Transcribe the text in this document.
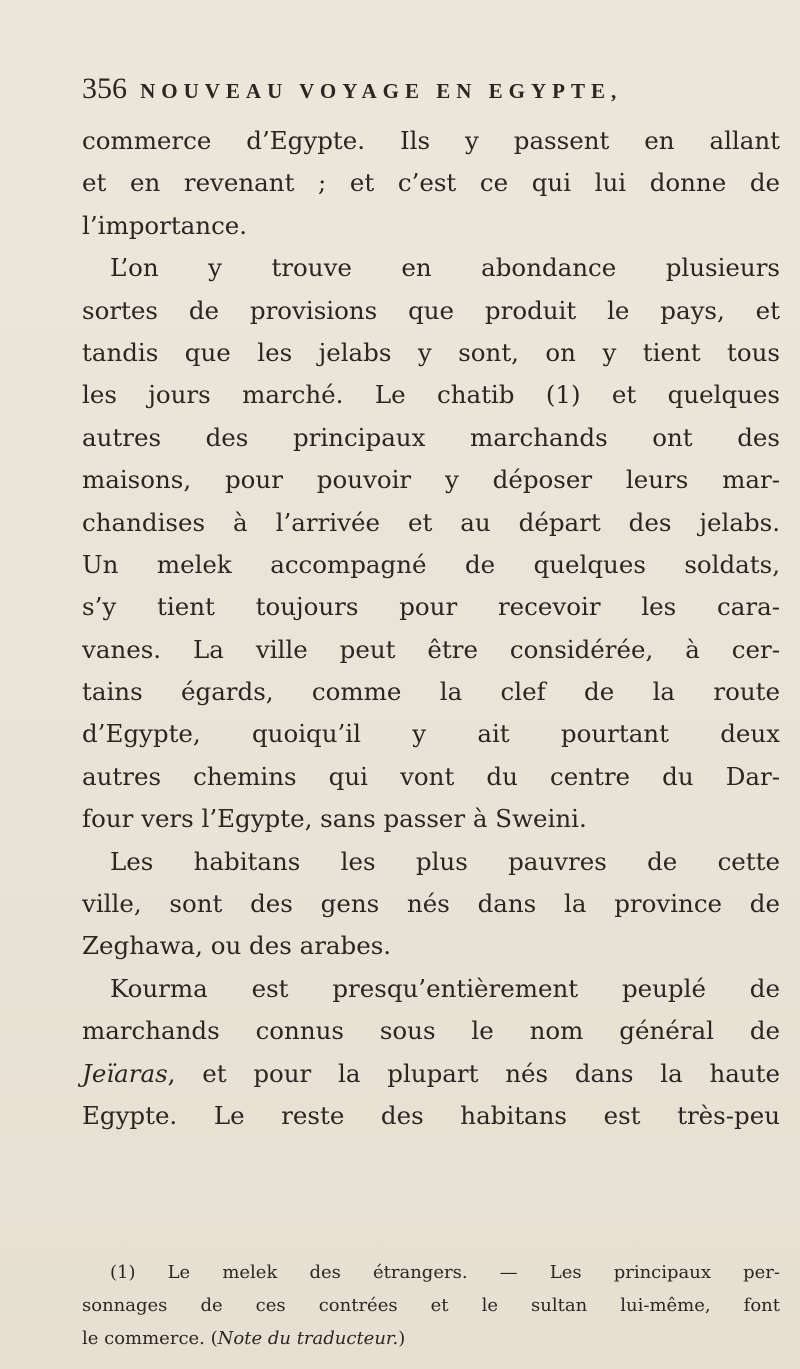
356 NOUVEAU VOYAGE EN EGYPTE,
commerce d’Egypte. Ils y passent en allant
et en revenant ; et c’est ce qui lui donne de
l’importance.
L’on y trouve en abondance plusieurs
sortes de provisions que produit le pays, et
tandis que les jelabs y sont, on y tient tous
les jours marché. Le chatib (1) et quelques
autres des principaux marchands ont des
maisons, pour pouvoir y déposer leurs mar-
chandises à l’arrivée et au départ des jelabs.
Un melek accompagné de quelques soldats,
s’y tient toujours pour recevoir les cara-
vanes. La ville peut être considérée, à cer-
tains égards, comme la clef de la route
d’Egypte, quoiqu’il y ait pourtant deux
autres chemins qui vont du centre du Dar-
four vers l’Egypte, sans passer à Sweini.
Les habitans les plus pauvres de cette
ville, sont des gens nés dans la province de
Zeghawa, ou des arabes.
Kourma est presqu’entièrement peuplé de
marchands connus sous le nom général de
Jeïaras, et pour la plupart nés dans la haute
Egypte. Le reste des habitans est très-peu
(1) Le melek des étrangers. — Les principaux per-
sonnages de ces contrées et le sultan lui-même, font
le commerce. (Note du traducteur.)
